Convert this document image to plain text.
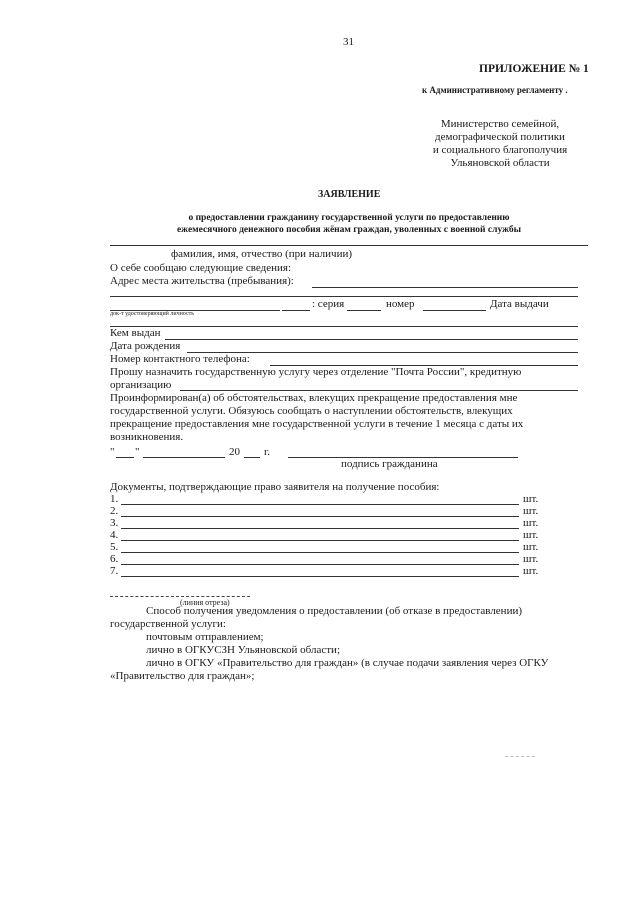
31
ПРИЛОЖЕНИЕ № 1
к Административному регламенту .
Министерство семейной,
демографической политики
и социального благополучия
Ульяновской области
ЗАЯВЛЕНИЕ
о предоставлении гражданину государственной услуги по предоставлению
ежемесячного денежного пособия жёнам граждан, уволенных с военной службы
фамилия, имя, отчество (при наличии)
О себе сообщаю следующие сведения:
Адрес места жительства (пребывания):
: серия	номер	Дата выдачи
док-т удостоверяющий личность
Кем выдан
Дата рождения
Номер контактного телефона:
Прошу назначить государственную услугу через отделение "Почта России", кредитную
организацию
Проинформирован(а) об обстоятельствах, влекущих прекращение предоставления мне
государственной услуги. Обязуюсь сообщать о наступлении обстоятельств, влекущих
прекращение предоставления мне государственной услуги в течение 1 месяца с даты их
возникновения.
" "	20 г.
подпись гражданина
Документы, подтверждающие право заявителя на получение пособия:
1.	шт.
2.	шт.
3.	шт.
4.	шт.
5.	шт.
6.	шт.
7.	шт.
(линия отреза)
Способ получения уведомления о предоставлении (об отказе в предоставлении)
государственной услуги:
почтовым отправлением;
лично в ОГКУСЗН Ульяновской области;
лично в ОГКУ «Правительство для граждан» (в случае подачи заявления через ОГКУ
«Правительство для граждан»;
